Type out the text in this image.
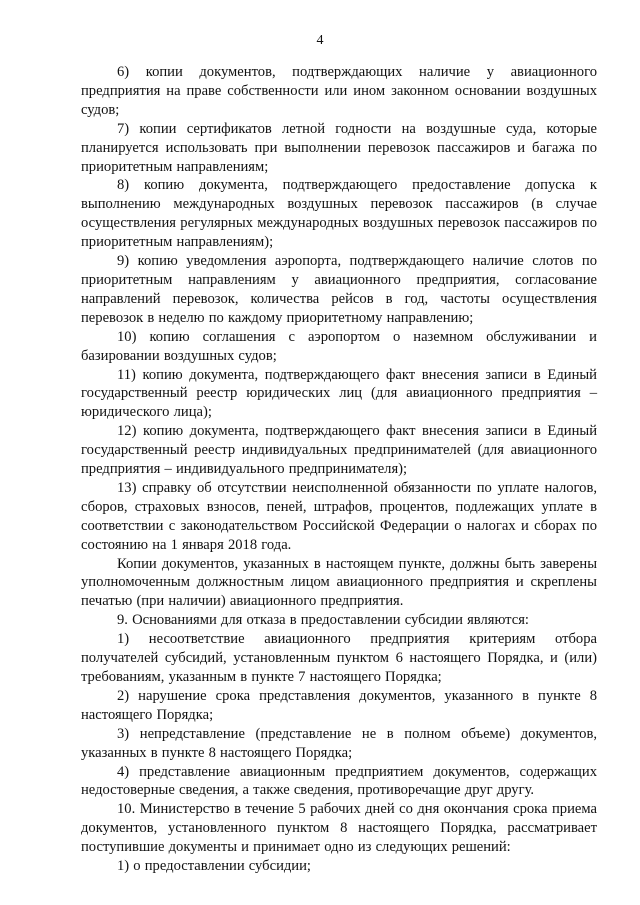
4

6) копии документов, подтверждающих наличие у авиационного предприятия на праве собственности или ином законном основании воздушных судов;

7) копии сертификатов летной годности на воздушные суда, которые планируется использовать при выполнении перевозок пассажиров и багажа по приоритетным направлениям;

8) копию документа, подтверждающего предоставление допуска к выполнению международных воздушных перевозок пассажиров (в случае осуществления регулярных международных воздушных перевозок пассажиров по приоритетным направлениям);

9) копию уведомления аэропорта, подтверждающего наличие слотов по приоритетным направлениям у авиационного предприятия, согласование направлений перевозок, количества рейсов в год, частоты осуществления перевозок в неделю по каждому приоритетному направлению;

10) копию соглашения с аэропортом о наземном обслуживании и базировании воздушных судов;

11) копию документа, подтверждающего факт внесения записи в Единый государственный реестр юридических лиц (для авиационного предприятия – юридического лица);

12) копию документа, подтверждающего факт внесения записи в Единый государственный реестр индивидуальных предпринимателей (для авиационного предприятия – индивидуального предпринимателя);

13) справку об отсутствии неисполненной обязанности по уплате налогов, сборов, страховых взносов, пеней, штрафов, процентов, подлежащих уплате в соответствии с законодательством Российской Федерации о налогах и сборах по состоянию на 1 января 2018 года.

Копии документов, указанных в настоящем пункте, должны быть заверены уполномоченным должностным лицом авиационного предприятия и скреплены печатью (при наличии) авиационного предприятия.

9. Основаниями для отказа в предоставлении субсидии являются:

1) несоответствие авиационного предприятия критериям отбора получателей субсидий, установленным пунктом 6 настоящего Порядка, и (или) требованиям, указанным в пункте 7 настоящего Порядка;

2) нарушение срока представления документов, указанного в пункте 8 настоящего Порядка;

3) непредставление (представление не в полном объеме) документов, указанных в пункте 8 настоящего Порядка;

4) представление авиационным предприятием документов, содержащих недостоверные сведения, а также сведения, противоречащие друг другу.

10. Министерство в течение 5 рабочих дней со дня окончания срока приема документов, установленного пунктом 8 настоящего Порядка, рассматривает поступившие документы и принимает одно из следующих решений:

1) о предоставлении субсидии;
